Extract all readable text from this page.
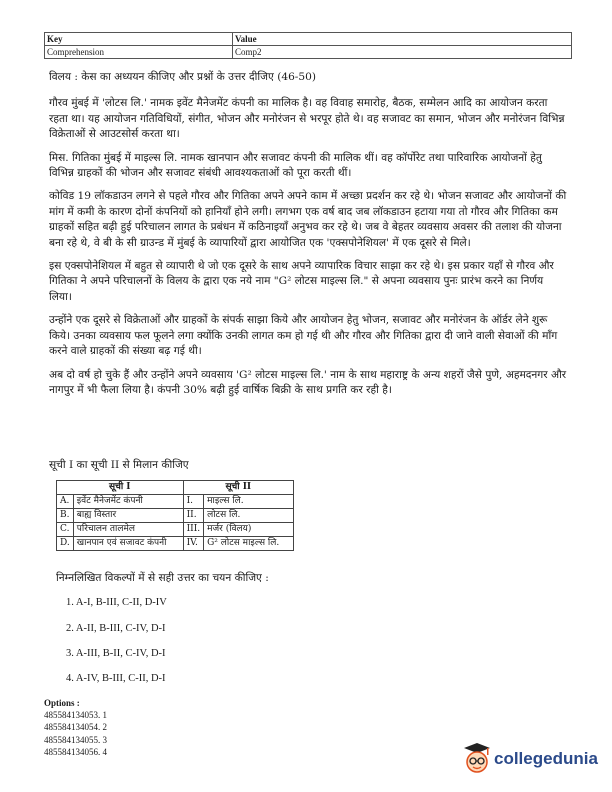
Key	Value
Comprehension	Comp2

विलय : केस का अध्ययन कीजिए और प्रश्नों के उत्तर दीजिए (46-50)

गौरव मुंबई में 'लोटस लि.' नामक इवेंट मैनेजमेंट कंपनी का मालिक है। वह विवाह समारोह, बैठक, सम्मेलन आदि का आयोजन करता रहता था। यह आयोजन गतिविधियों, संगीत, भोजन और मनोरंजन से भरपूर होते थे। वह सजावट का समान, भोजन और मनोरंजन विभिन्न विक्रेताओं से आउटसोर्स करता था।

मिस. गितिका मुंबई में माइल्स लि. नामक खानपान और सजावट कंपनी की मालिक थीं। वह कॉर्पोरेट तथा पारिवारिक आयोजनों हेतु विभिन्न ग्राहकों की भोजन और सजावट संबंधी आवश्यकताओं को पूरा करती थीं।

कोविड 19 लॉकडाउन लगने से पहले गौरव और गितिका अपने अपने काम में अच्छा प्रदर्शन कर रहे थे। भोजन सजावट और आयोजनों की मांग में कमी के कारण दोनों कंपनियों को हानियाँ होने लगी। लगभग एक वर्ष बाद जब लॉकडाउन हटाया गया तो गौरव और गितिका कम ग्राहकों सहित बढ़ी हुई परिचालन लागत के प्रबंधन में कठिनाइयाँ अनुभव कर रहे थे। जब वे बेहतर व्यवसाय अवसर की तलाश की योजना बना रहे थे, वे बी के सी ग्राउन्ड में मुंबई के व्यापारियों द्वारा आयोजित एक 'एक्सपोनेशियल' में एक दूसरे से मिले।

इस एक्सपोनेशियल में बहुत से व्यापारी थे जो एक दूसरे के साथ अपने व्यापारिक विचार साझा कर रहे थे। इस प्रकार यहाँ से गौरव और गितिका ने अपने परिचालनों के विलय के द्वारा एक नये नाम "G² लोटस माइल्स लि." से अपना व्यवसाय पुनः प्रारंभ करने का निर्णय लिया।

उन्होंने एक दूसरे से विक्रेताओं और ग्राहकों के संपर्क साझा किये और आयोजन हेतु भोजन, सजावट और मनोरंजन के ऑर्डर लेने शुरू किये। उनका व्यवसाय फल फूलने लगा क्योंकि उनकी लागत कम हो गई थी और गौरव और गितिका द्वारा दी जाने वाली सेवाओं की माँग करने वाले ग्राहकों की संख्या बढ़ गई थी।

अब दो वर्ष हो चुके हैं और उन्होंने अपने व्यवसाय 'G² लोटस माइल्स लि.' नाम के साथ महाराष्ट्र के अन्य शहरों जैसे पुणे, अहमदनगर और नागपुर में भी फैला लिया है। कंपनी 30% बढ़ी हुई वार्षिक बिक्री के साथ प्रगति कर रही है।

सूची I का सूची II से मिलान कीजिए
सूची I		सूची II	
A.	इवेंट मैनेजमेंट कंपनी	I.	माइल्स लि.
B.	बाह्य विस्तार	II.	लोटस लि.
C.	परिचालन तालमेल	III.	मर्जर (विलय)
D.	खानपान एवं सजावट कंपनी	IV.	G² लोटस माइल्स लि.
निम्नलिखित विकल्पों में से सही उत्तर का चयन कीजिए :
1. A-I, B-III, C-II, D-IV
2. A-II, B-III, C-IV, D-I
3. A-III, B-II, C-IV, D-I
4. A-IV, B-III, C-II, D-I
Options :
485584134053. 1
485584134054. 2
485584134055. 3
485584134056. 4	collegedunia
